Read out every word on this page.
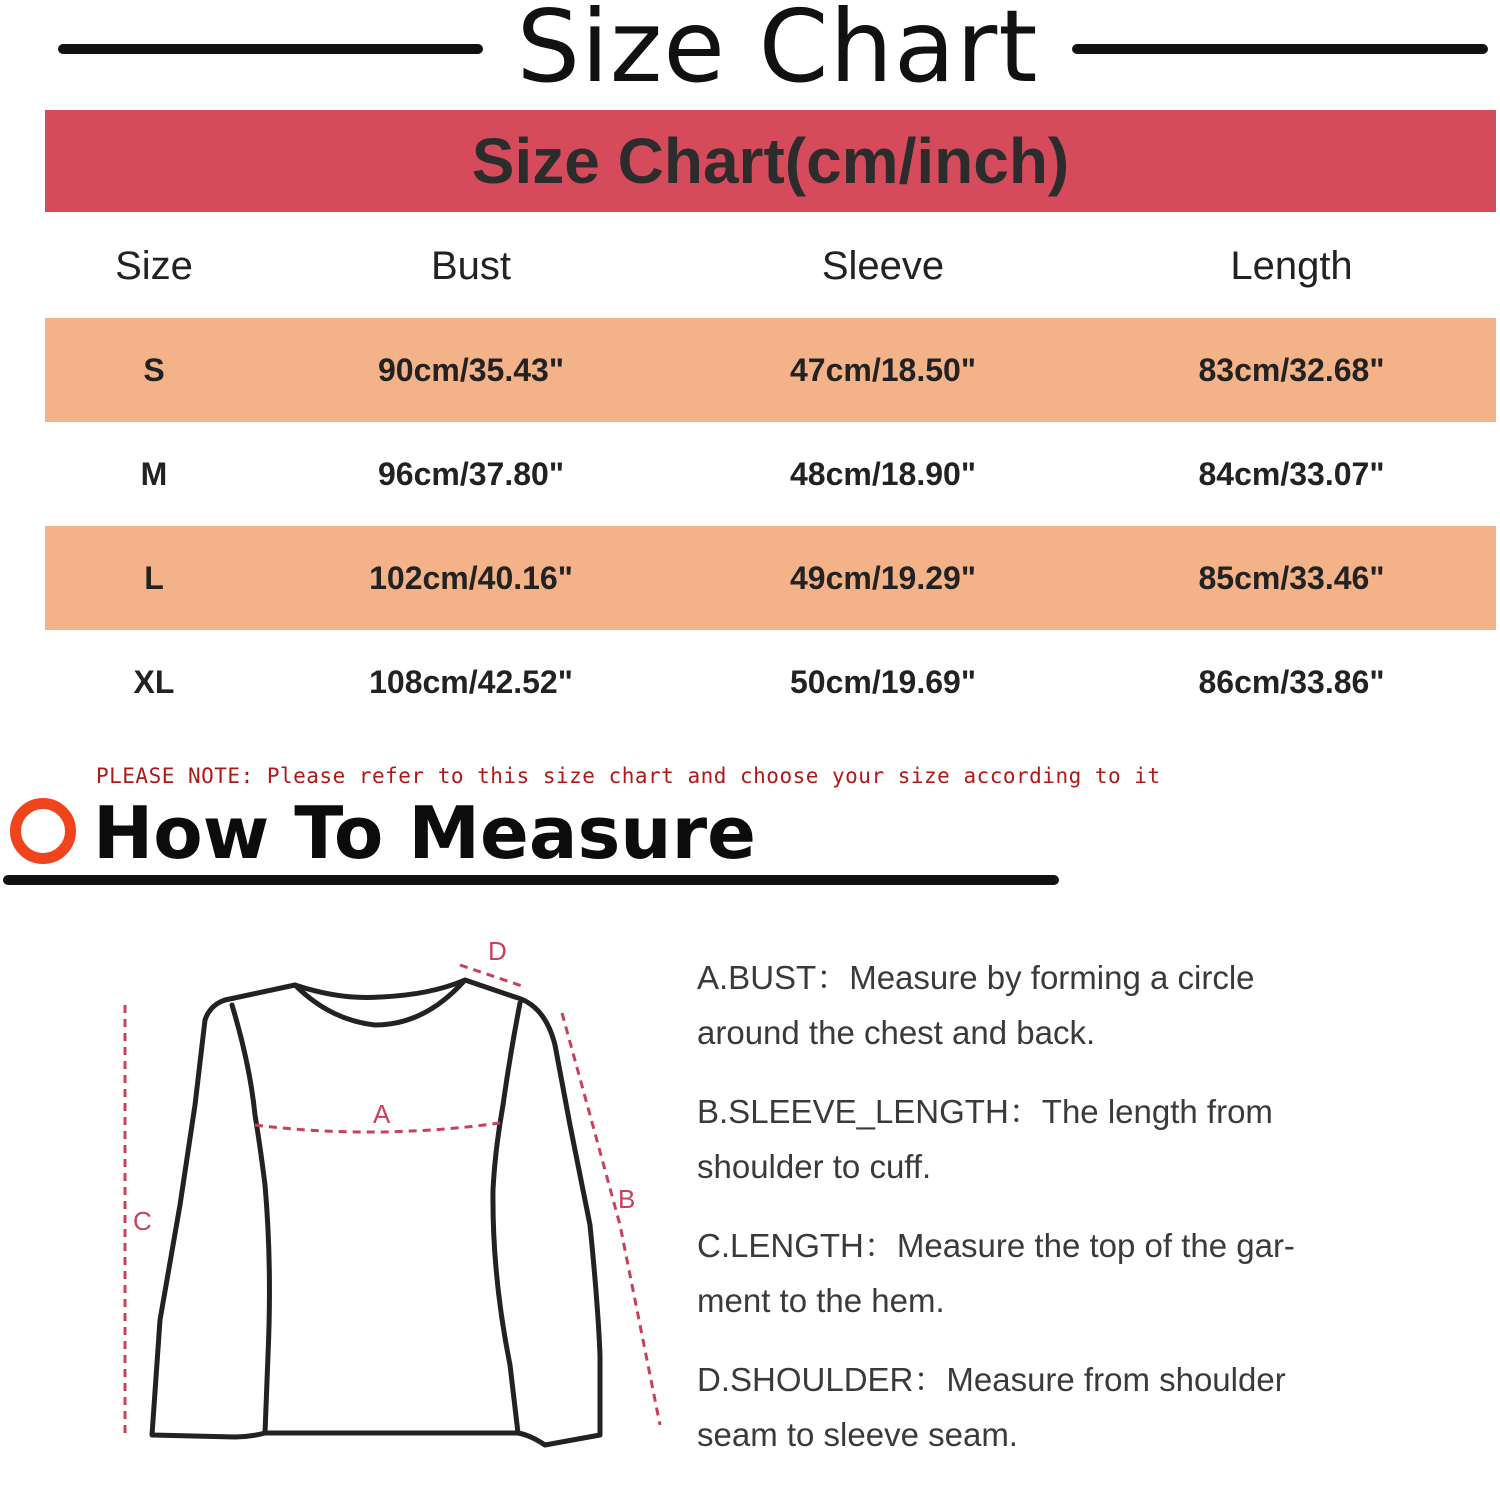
Size Chart
Size Chart(cm/inch)
Size	Bust	Sleeve	Length
S	90cm/35.43"	47cm/18.50"	83cm/32.68"
M	96cm/37.80"	48cm/18.90"	84cm/33.07"
L	102cm/40.16"	49cm/19.29"	85cm/33.46"
XL	108cm/42.52"	50cm/19.69"	86cm/33.86"
PLEASE NOTE: Please refer to this size chart and choose your size according to it
How To Measure
A
B
C
D
A.BUST：Measure by forming a circle
around the chest and back.
B.SLEEVE_LENGTH：The length from
shoulder to cuff.
C.LENGTH：Measure the top of the gar-
ment to the hem.
D.SHOULDER：Measure from shoulder
seam to sleeve seam.
